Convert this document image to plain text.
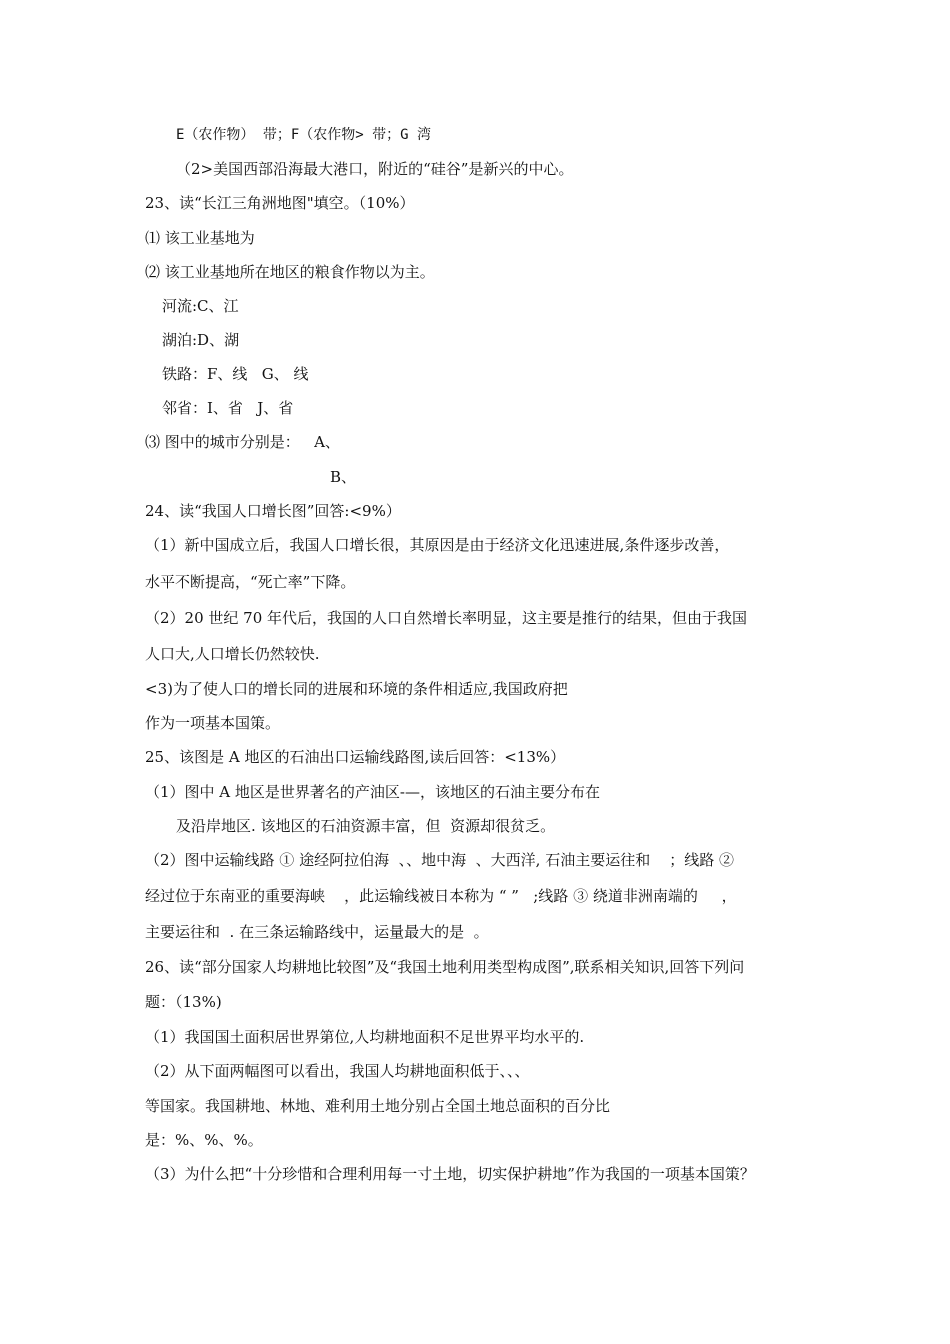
E（农作物） 带；F（农作物> 带；G 湾
（2>美国西部沿海最大港口，附近的“硅谷”是新兴的中心。
23、读“长江三角洲地图"填空。（10%）
⑴ 该工业基地为
⑵ 该工业基地所在地区的粮食作物以为主。
河流:C、江
湖泊:D、湖
铁路：F、线   G、 线
邻省：I、省   J、省
⑶ 图中的城市分别是：   A、
B、
24、读“我国人口增长图”回答:<9%）
（1）新中国成立后，我国人口增长很，其原因是由于经济文化迅速进展,条件逐步改善，
水平不断提高，“死亡率”下降。
（2）20 世纪 70 年代后，我国的人口自然增长率明显，这主要是推行的结果，但由于我国
人口大,人口增长仍然较快.
<3)为了使人口的增长同的进展和环境的条件相适应,我国政府把
作为一项基本国策。
25、该图是 A 地区的石油出口运输线路图,读后回答：<13%）
（1）图中 A 地区是世界著名的产油区-—，该地区的石油主要分布在
及沿岸地区. 该地区的石油资源丰富，但  资源却很贫乏。
（2）图中运输线路 ① 途经阿拉伯海  、、地中海  、大西洋, 石油主要运往和    ；线路 ②
经过位于东南亚的重要海峡    ，此运输线被日本称为 “ ”   ;线路 ③ 绕道非洲南端的     ，
主要运往和  . 在三条运输路线中，运量最大的是  。
26、读“部分国家人均耕地比较图”及“我国土地利用类型构成图”,联系相关知识,回答下列问
题：（13%)
（1）我国国土面积居世界第位,人均耕地面积不足世界平均水平的.
（2）从下面两幅图可以看出，我国人均耕地面积低于、、、
等国家。我国耕地、林地、难利用土地分别占全国土地总面积的百分比
是：%、%、%。
（3）为什么把“十分珍惜和合理利用每一寸土地，切实保护耕地”作为我国的一项基本国策？
